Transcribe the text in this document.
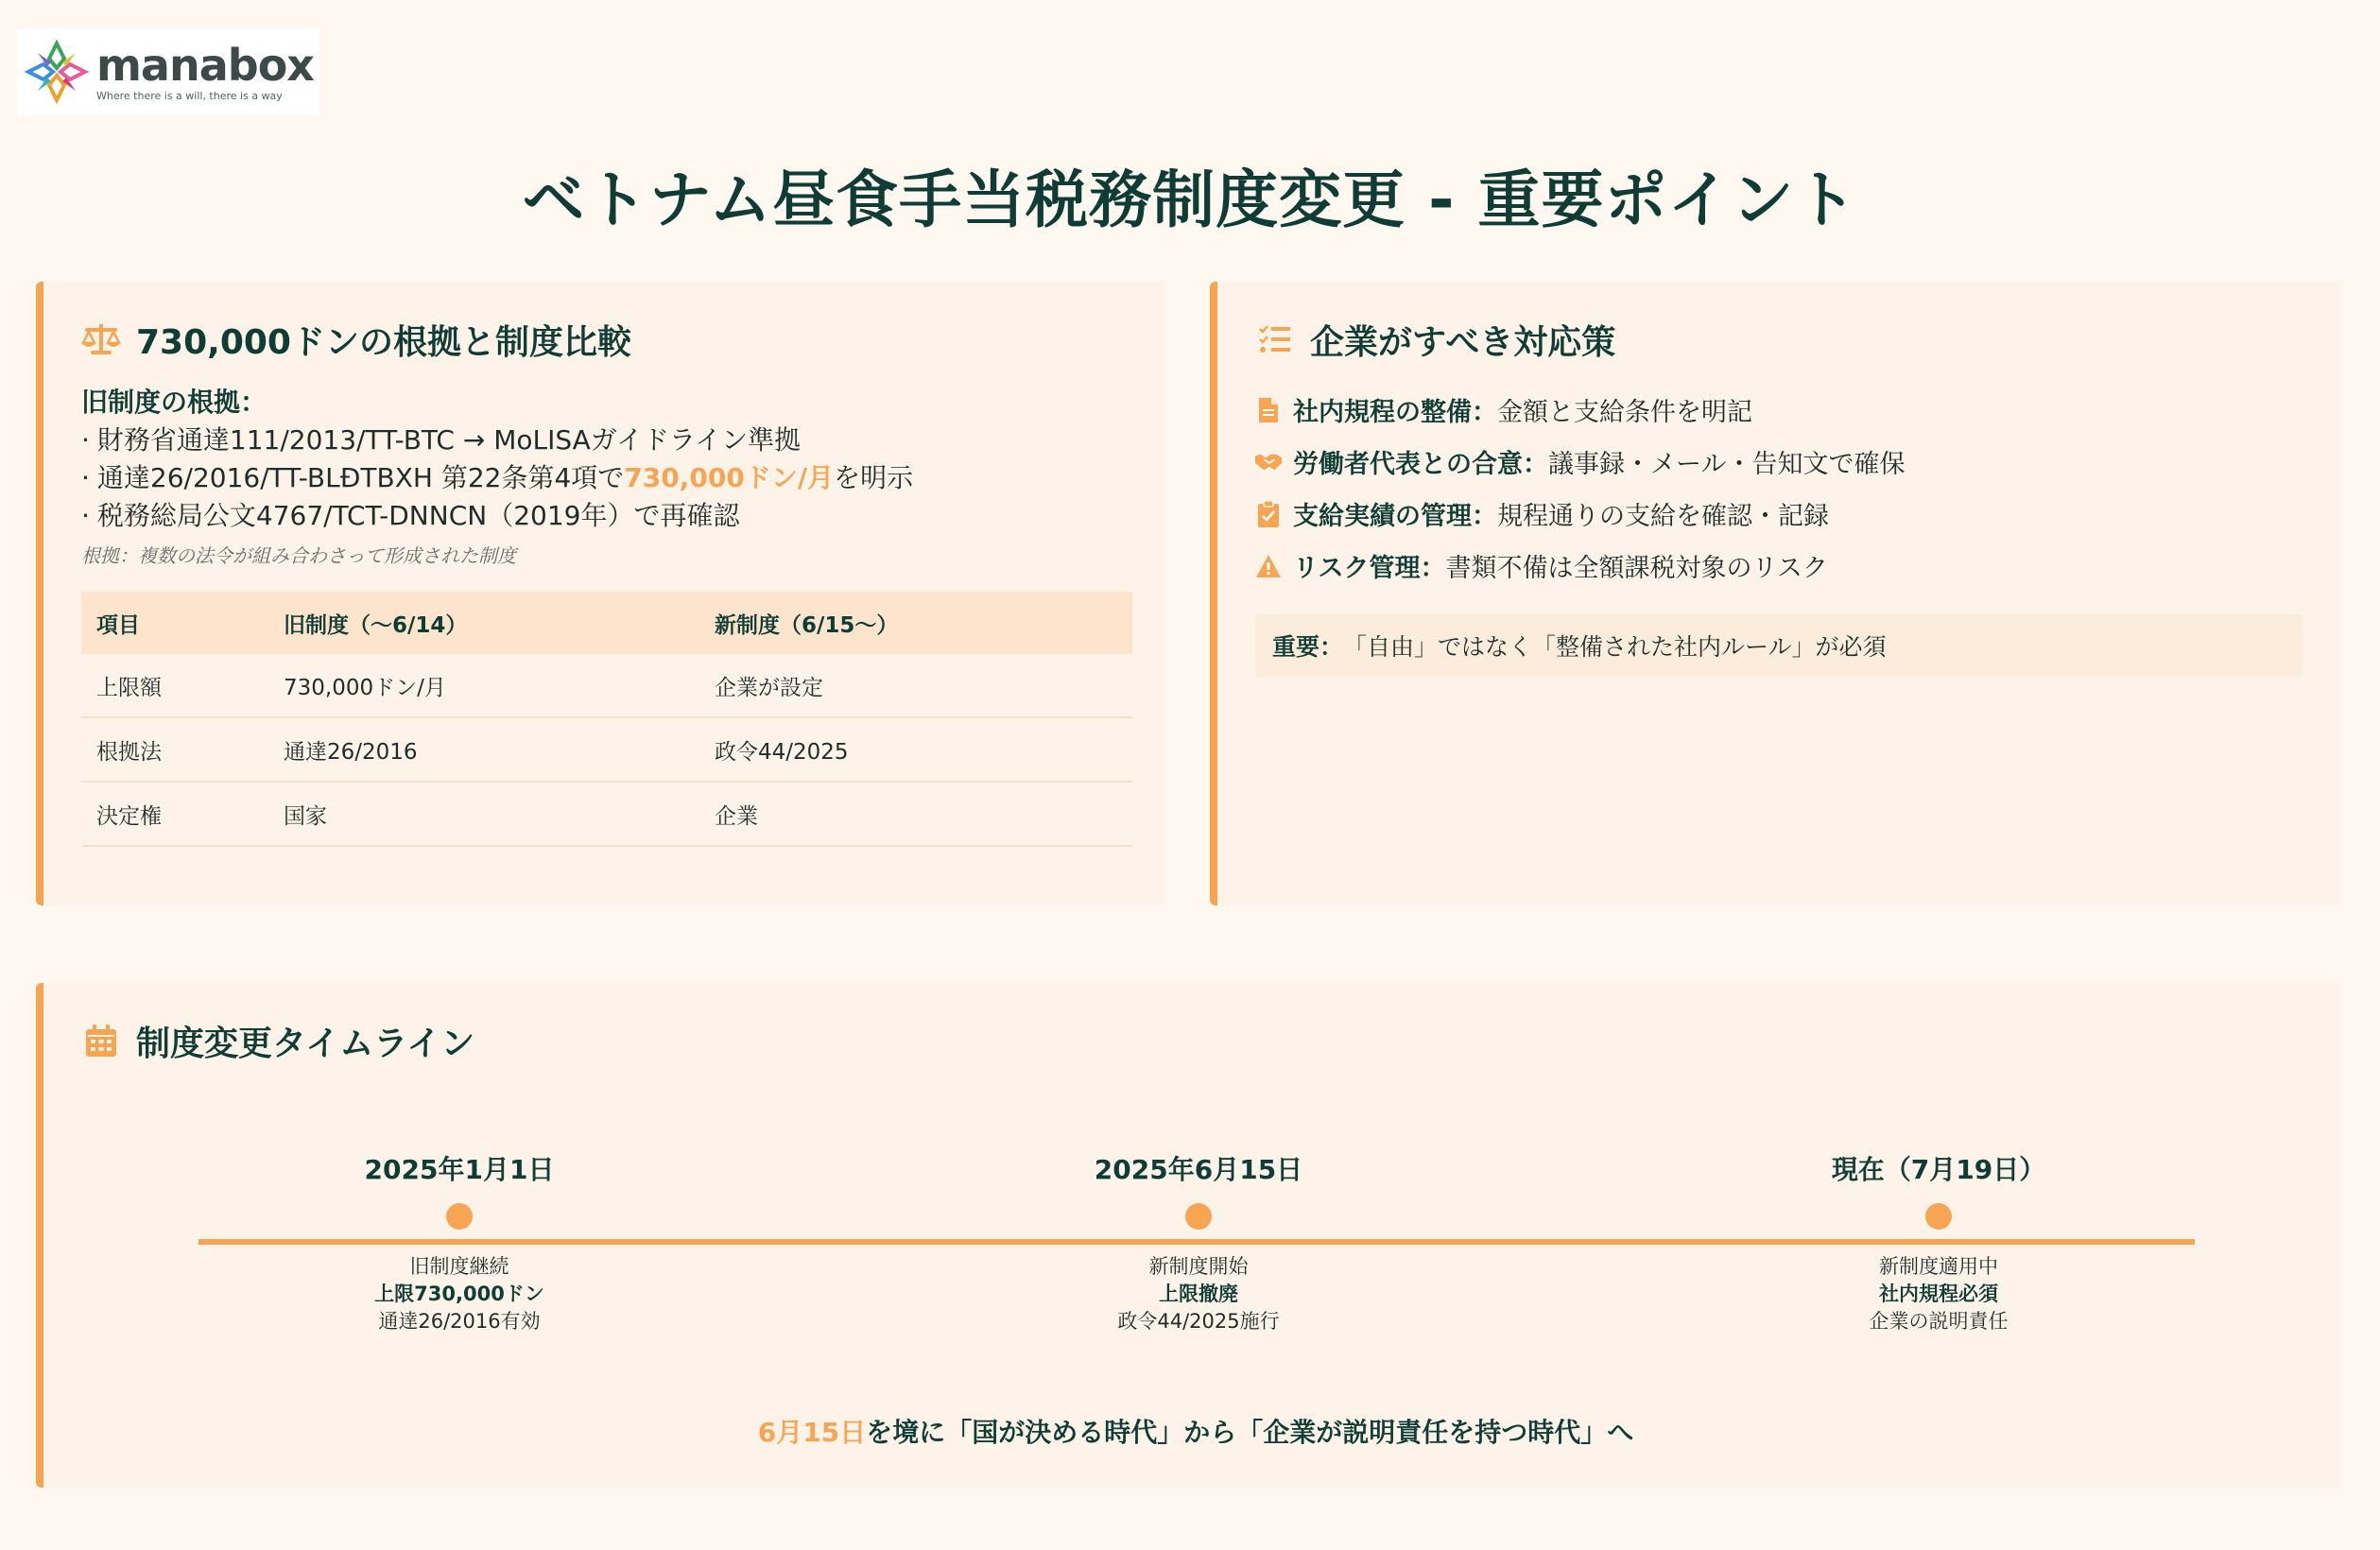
manabox
Where there is a will, there is a way
ベトナム昼食手当税務制度変更 - 重要ポイント
730,000ドンの根拠と制度比較
旧制度の根拠：
· 財務省通達111/2013/TT-BTC → MoLISAガイドライン準拠
· 通達26/2016/TT-BLĐTBXH 第22条第4項で730,000ドン/月を明示
· 税務総局公文4767/TCT-DNNCN（2019年）で再確認
根拠：複数の法令が組み合わさって形成された制度
項目	旧制度（〜6/14）	新制度（6/15〜）
上限額	730,000ドン/月	企業が設定
根拠法	通達26/2016	政令44/2025
決定権	国家	企業
企業がすべき対応策
社内規程の整備： 金額と支給条件を明記
労働者代表との合意： 議事録・メール・告知文で確保
支給実績の管理： 規程通りの支給を確認・記録
リスク管理： 書類不備は全額課税対象のリスク
重要： 「自由」ではなく「整備された社内ルール」が必須
制度変更タイムライン
2025年1月1日
旧制度継続
上限730,000ドン
通達26/2016有効
2025年6月15日
新制度開始
上限撤廃
政令44/2025施行
現在（7月19日）
新制度適用中
社内規程必須
企業の説明責任
6月15日を境に「国が決める時代」から「企業が説明責任を持つ時代」へ
